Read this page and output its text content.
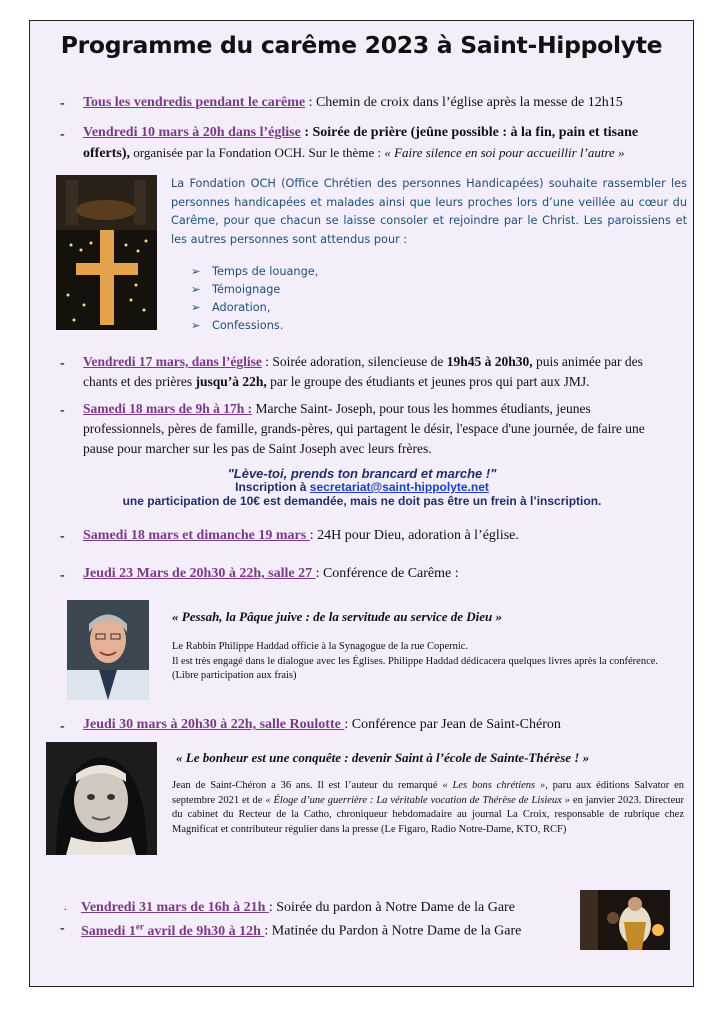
Programme du carême 2023 à Saint-Hippolyte
- Tous les vendredis pendant le carême : Chemin de croix dans l’église après la messe de 12h15
- Vendredi 10 mars à 20h dans l’église : Soirée de prière (jeûne possible : à la fin, pain et tisane offerts), organisée par la Fondation OCH. Sur le thème : « Faire silence en soi pour accueillir l’autre »
La Fondation OCH (Office Chrétien des personnes Handicapées) souhaite rassembler les personnes handicapées et malades ainsi que leurs proches lors d’une veillée au cœur du Carême, pour que chacun se laisse consoler et rejoindre par le Christ. Les paroissiens et les autres personnes sont attendus pour :
➢ Temps de louange,
➢ Témoignage
➢ Adoration,
➢ Confessions.
- Vendredi 17 mars, dans l’église : Soirée adoration, silencieuse de 19h45 à 20h30, puis animée par des chants et des prières jusqu’à 22h, par le groupe des étudiants et jeunes pros qui part aux JMJ.
- Samedi 18 mars de 9h à 17h : Marche Saint- Joseph, pour tous les hommes étudiants, jeunes professionnels, pères de famille, grands-pères, qui partagent le désir, l'espace d'une journée, de faire une pause pour marcher sur les pas de Saint Joseph avec leurs frères.
"Lève-toi, prends ton brancard et marche !"
Inscription à secretariat@saint-hippolyte.net
une participation de 10€ est demandée, mais ne doit pas être un frein à l’inscription.
- Samedi 18 mars et dimanche 19 mars : 24H pour Dieu, adoration à l’église.
- Jeudi 23 Mars de 20h30 à 22h, salle 27 : Conférence de Carême :
« Pessah, la Pâque juive : de la servitude au service de Dieu »
Le Rabbin Philippe Haddad officie à la Synagogue de la rue Copernic.
Il est très engagé dans le dialogue avec les Églises. Philippe Haddad dédicacera quelques livres après la conférence.
(Libre participation aux frais)
- Jeudi 30 mars à 20h30 à 22h, salle Roulotte : Conférence par Jean de Saint-Chéron
« Le bonheur est une conquête : devenir Saint à l’école de Sainte-Thérèse ! »
Jean de Saint-Chéron a 36 ans. Il est l’auteur du remarqué « Les bons chrétiens », paru aux éditions Salvator en septembre 2021 et de « Éloge d’une guerrière : La véritable vocation de Thérèse de Lisieux » en janvier 2023. Directeur du cabinet du Recteur de la Catho, chroniqueur hebdomadaire au journal La Croix, responsable de rubrique chez Magnificat et contributeur régulier dans la presse (Le Figaro, Radio Notre-Dame, KTO, RCF)
. Vendredi 31 mars de 16h à 21h : Soirée du pardon à Notre Dame de la Gare
- Samedi 1er avril de 9h30 à 12h : Matinée du Pardon à Notre Dame de la Gare
